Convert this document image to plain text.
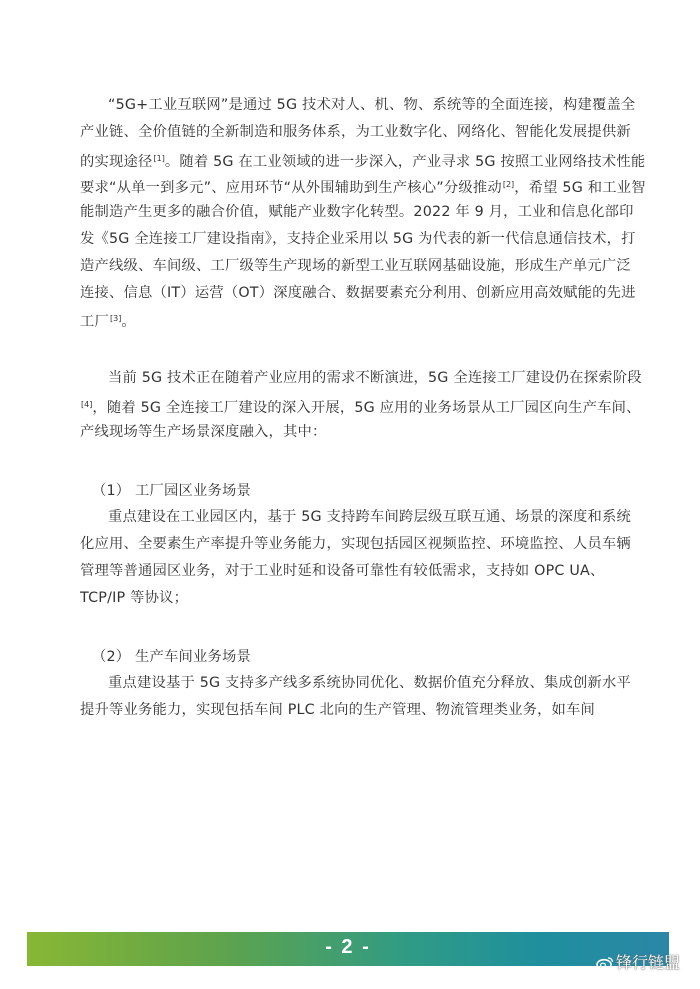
“5G+工业互联网”是通过 5G 技术对人、机、物、系统等的全面连接，构建覆盖全
产业链、全价值链的全新制造和服务体系，为工业数字化、网络化、智能化发展提供新
的实现途径[1]。随着 5G 在工业领域的进一步深入，产业寻求 5G 按照工业网络技术性能
要求“从单一到多元”、应用环节“从外围辅助到生产核心”分级推动[2]，希望 5G 和工业智
能制造产生更多的融合价值，赋能产业数字化转型。2022 年 9 月，工业和信息化部印
发《5G 全连接工厂建设指南》，支持企业采用以 5G 为代表的新一代信息通信技术，打
造产线级、车间级、工厂级等生产现场的新型工业互联网基础设施，形成生产单元广泛
连接、信息（IT）运营（OT）深度融合、数据要素充分利用、创新应用高效赋能的先进
工厂[3]。
当前 5G 技术正在随着产业应用的需求不断演进，5G 全连接工厂建设仍在探索阶段
[4]，随着 5G 全连接工厂建设的深入开展，5G 应用的业务场景从工厂园区向生产车间、
产线现场等生产场景深度融入，其中：
（1） 工厂园区业务场景
重点建设在工业园区内，基于 5G 支持跨车间跨层级互联互通、场景的深度和系统
化应用、全要素生产率提升等业务能力，实现包括园区视频监控、环境监控、人员车辆
管理等普通园区业务，对于工业时延和设备可靠性有较低需求，支持如 OPC UA、
TCP/IP 等协议；
（2） 生产车间业务场景
重点建设基于 5G 支持多产线多系统协同优化、数据价值充分释放、集成创新水平
提升等业务能力，实现包括车间 PLC 北向的生产管理、物流管理类业务，如车间
- 2 -
锋行链盟
